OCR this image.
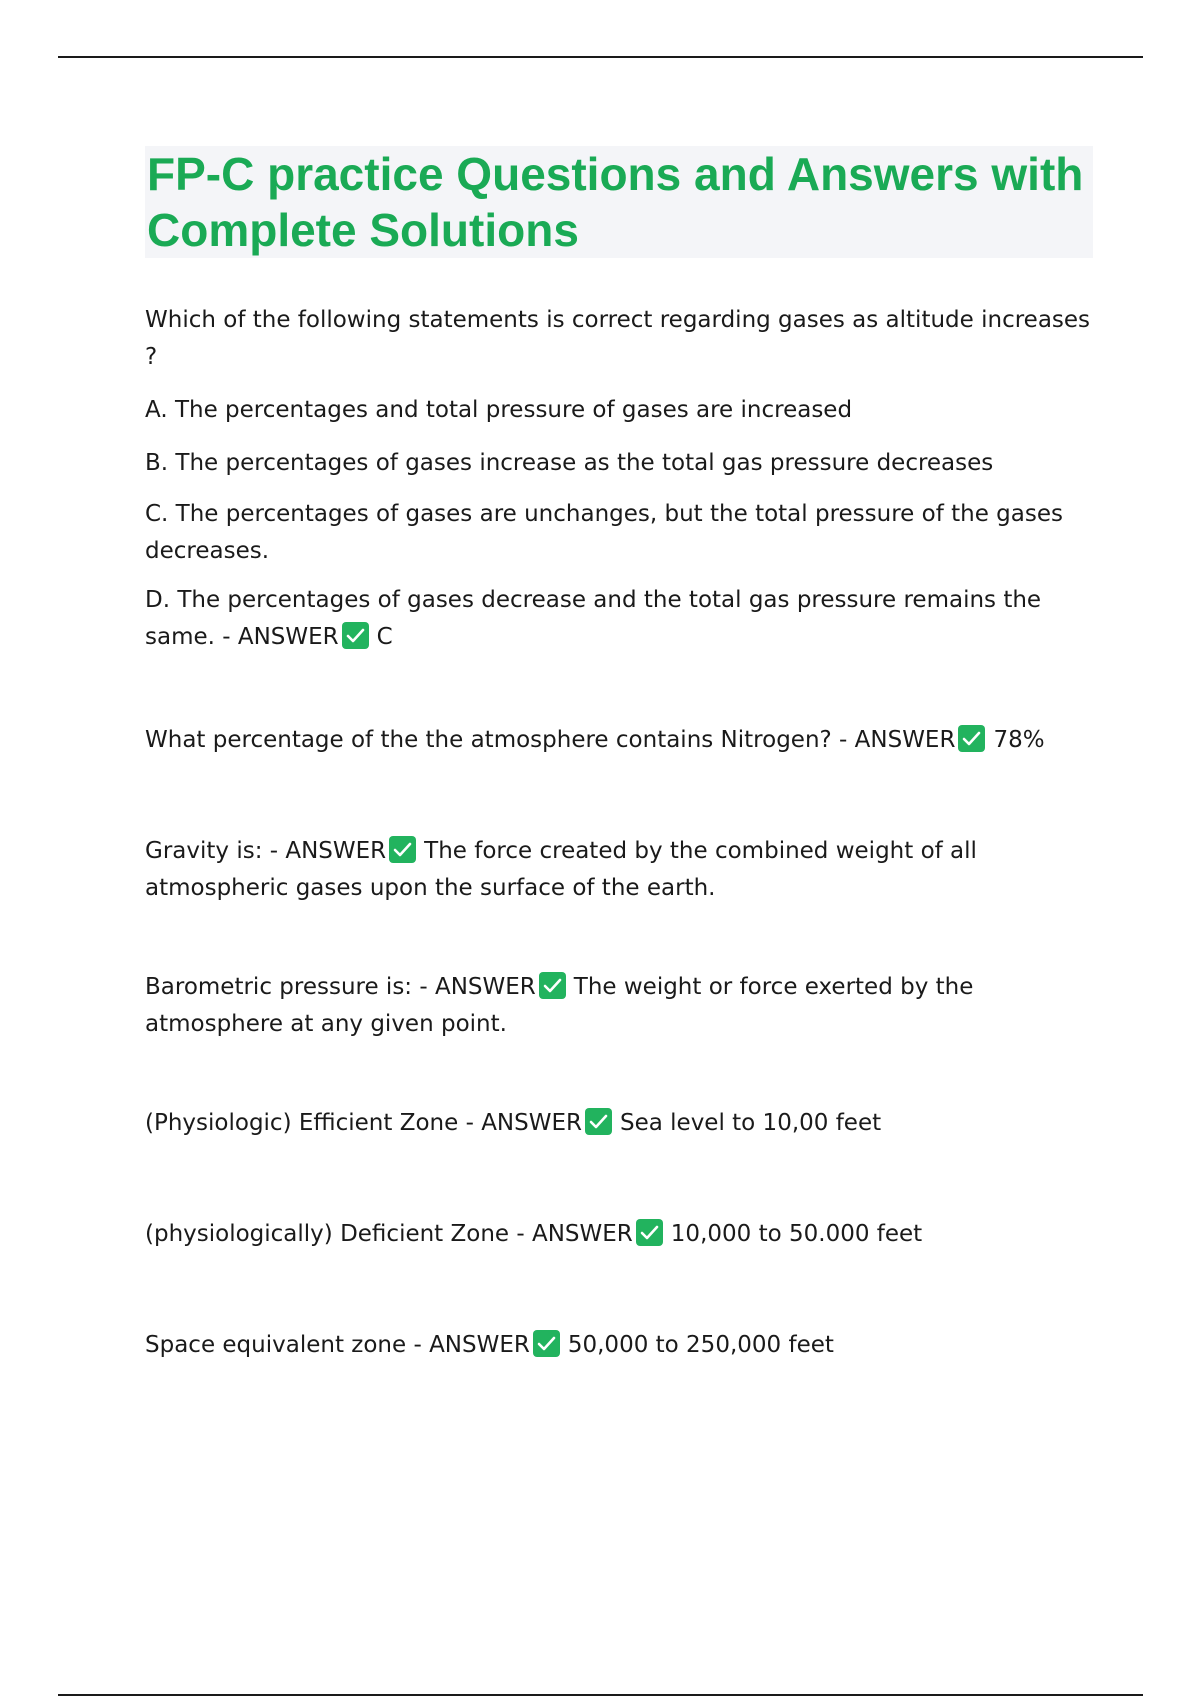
FP-C practice Questions and Answers with Complete Solutions

Which of the following statements is correct regarding gases as altitude increases ?

A. The percentages and total pressure of gases are increased

B. The percentages of gases increase as the total gas pressure decreases

C. The percentages of gases are unchanges, but the total pressure of the gases decreases.

D. The percentages of gases decrease and the total gas pressure remains the same. - ANSWER C

What percentage of the the atmosphere contains Nitrogen? - ANSWER 78%

Gravity is: - ANSWER The force created by the combined weight of all atmospheric gases upon the surface of the earth.

Barometric pressure is: - ANSWER The weight or force exerted by the atmosphere at any given point.

(Physiologic) Efficient Zone - ANSWER Sea level to 10,00 feet

(physiologically) Deficient Zone - ANSWER 10,000 to 50.000 feet

Space equivalent zone - ANSWER 50,000 to 250,000 feet
